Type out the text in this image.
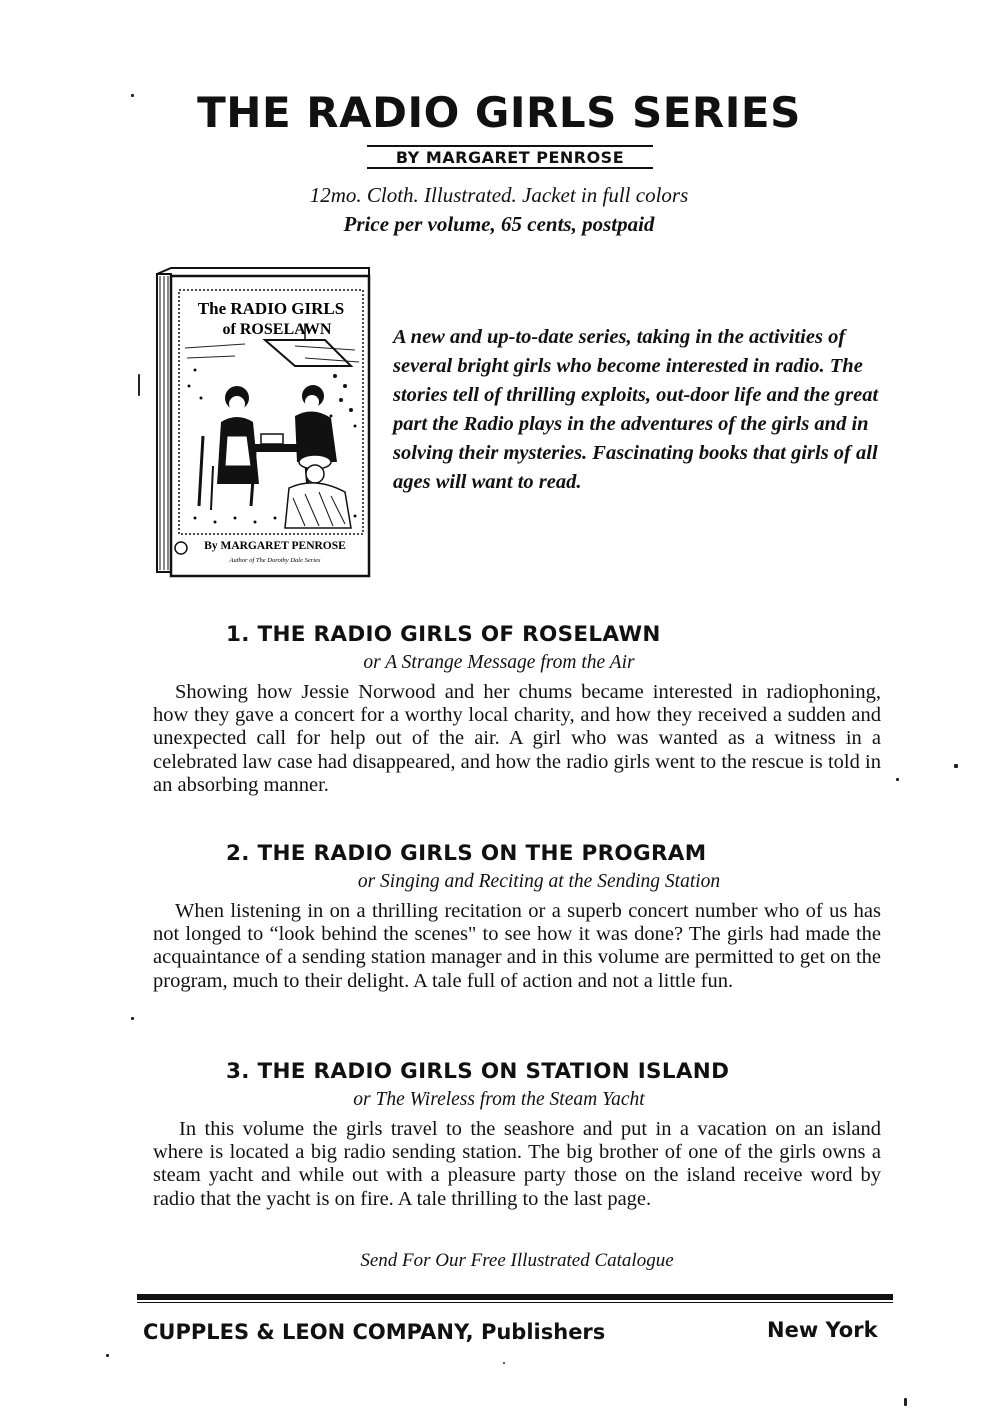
THE RADIO GIRLS SERIES
BY MARGARET PENROSE
12mo. Cloth. Illustrated. Jacket in full colors
Price per volume, 65 cents, postpaid
The RADIO GIRLS
of ROSELAWN
By MARGARET PENROSE
Author of The Dorothy Dale Series
A new and up-to-date series, taking in the activities of several bright girls who become interested in radio. The stories tell of thrilling exploits, out-door life and the great part the Radio plays in the adventures of the girls and in solving their mysteries. Fascinating books that girls of all ages will want to read.
1. THE RADIO GIRLS OF ROSELAWN
or A Strange Message from the Air
Showing how Jessie Norwood and her chums became interested in radiophoning, how they gave a concert for a worthy local charity, and how they received a sudden and unexpected call for help out of the air. A girl who was wanted as a witness in a celebrated law case had disappeared, and how the radio girls went to the rescue is told in an absorbing manner.
2. THE RADIO GIRLS ON THE PROGRAM
or Singing and Reciting at the Sending Station
When listening in on a thrilling recitation or a superb concert number who of us has not longed to “look behind the scenes" to see how it was done? The girls had made the acquaintance of a sending station manager and in this volume are permitted to get on the program, much to their delight. A tale full of action and not a little fun.
3. THE RADIO GIRLS ON STATION ISLAND
or The Wireless from the Steam Yacht
In this volume the girls travel to the seashore and put in a vacation on an island where is located a big radio sending station. The big brother of one of the girls owns a steam yacht and while out with a pleasure party those on the island receive word by radio that the yacht is on fire. A tale thrilling to the last page.
Send For Our Free Illustrated Catalogue
CUPPLES & LEON COMPANY, Publishers	New York
